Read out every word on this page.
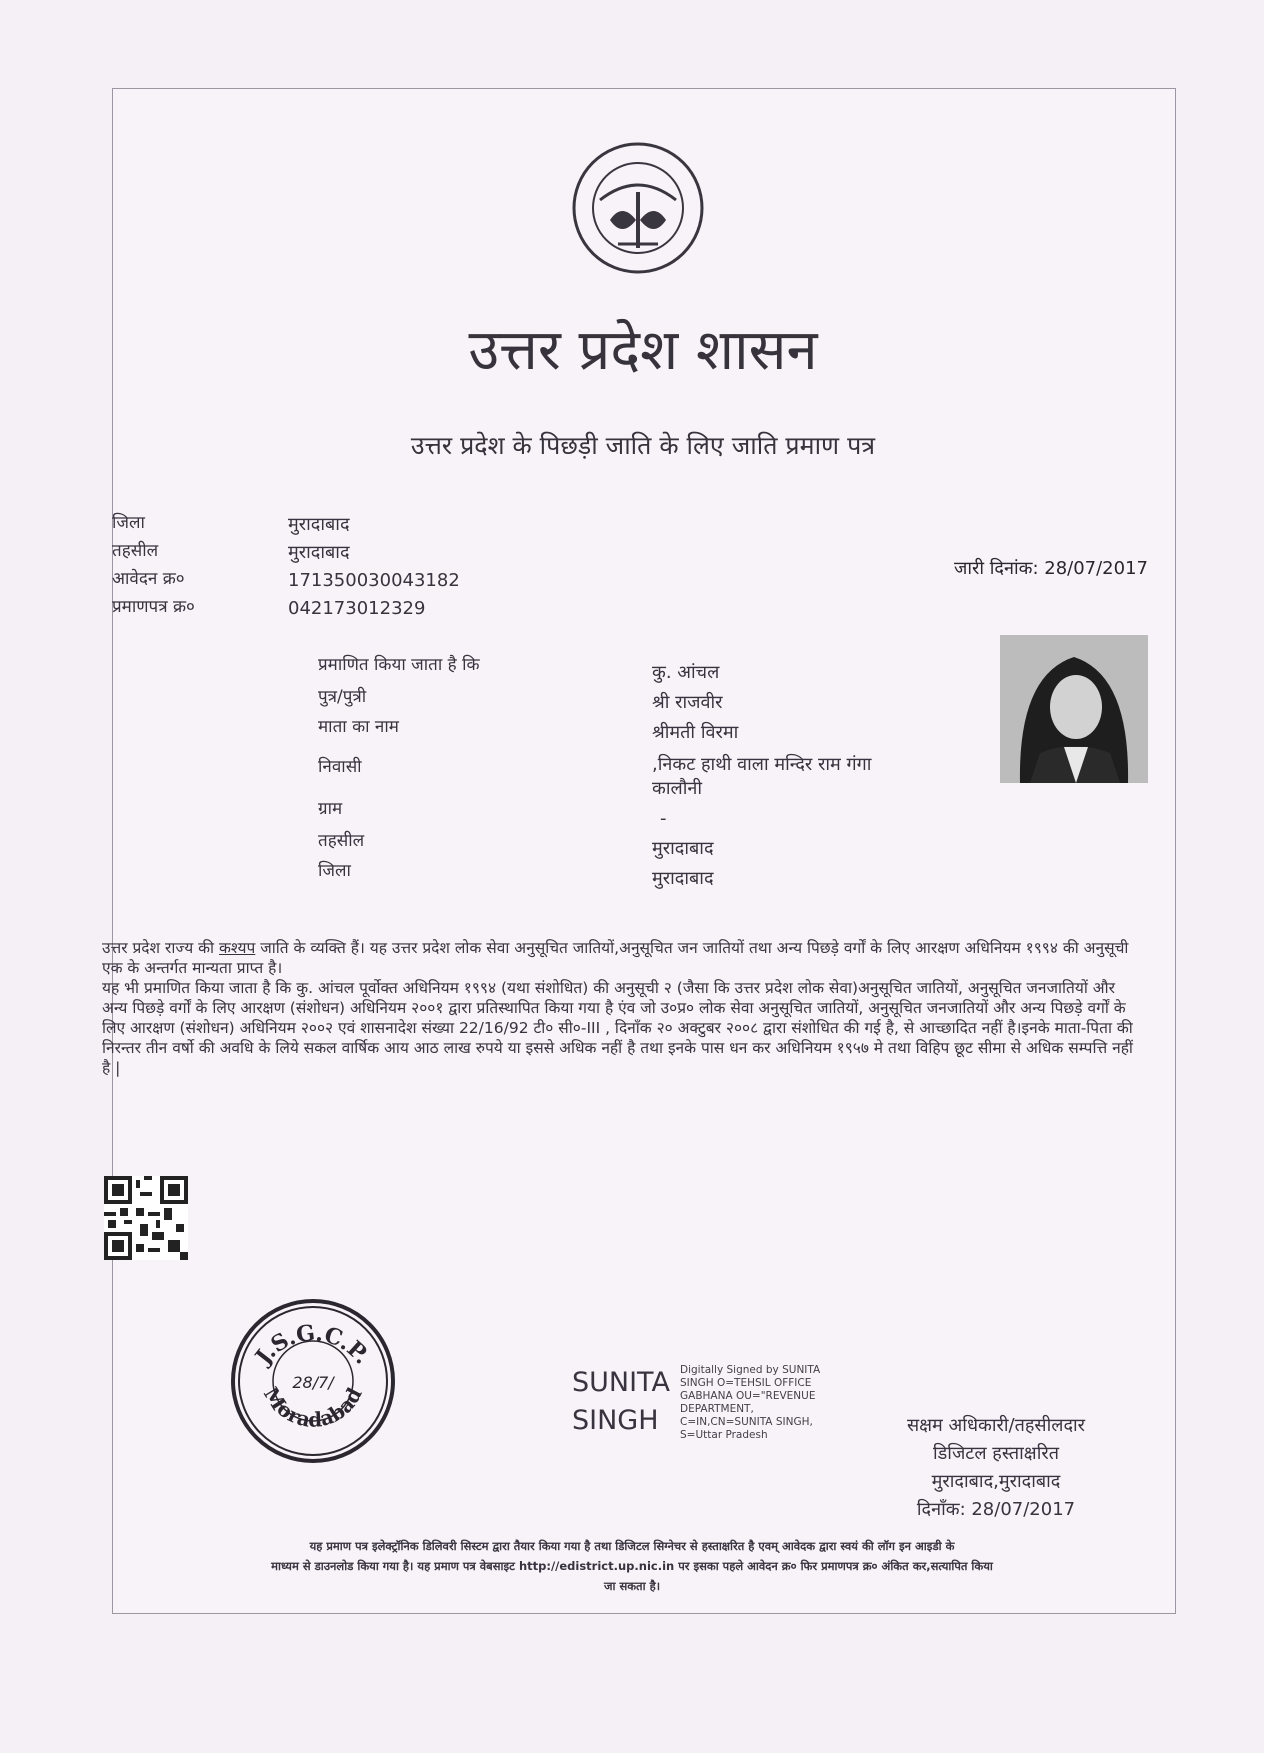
उत्तर प्रदेश शासन
उत्तर प्रदेश के पिछड़ी जाति के लिए जाति प्रमाण पत्र
जिला	मुरादाबाद
तहसील	मुरादाबाद
आवेदन क्र०	171350030043182
प्रमाणपत्र क्र०	042173012329
जारी दिनांक: 28/07/2017
प्रमाणित किया जाता है कि	कु. आंचल
पुत्र/पुत्री	श्री राजवीर
माता का नाम	श्रीमती विरमा
निवासी	,निकट हाथी वाला मन्दिर राम गंगा
कालौनी
ग्राम	-
तहसील	मुरादाबाद
जिला	मुरादाबाद
उत्तर प्रदेश राज्य की कश्यप जाति के व्यक्ति हैं। यह उत्तर प्रदेश लोक सेवा अनुसूचित जातियों,अनुसूचित जन जातियों तथा अन्य पिछड़े वर्गों के लिए आरक्षण अधिनियम १९९४ की अनुसूची एक के अन्तर्गत मान्यता प्राप्त है।
यह भी प्रमाणित किया जाता है कि कु. आंचल पूर्वोक्त अधिनियम १९९४ (यथा संशोधित) की अनुसूची २ (जैसा कि उत्तर प्रदेश लोक सेवा)अनुसूचित जातियों, अनुसूचित जनजातियों और अन्य पिछड़े वर्गों के लिए आरक्षण (संशोधन) अधिनियम २००१ द्वारा प्रतिस्थापित किया गया है एंव जो उ०प्र० लोक सेवा अनुसूचित जातियों, अनुसूचित जनजातियों और अन्य पिछड़े वर्गों के लिए आरक्षण (संशोधन) अधिनियम २००२ एवं शासनादेश संख्या 22/16/92 टी० सी०-III , दिनाँक २० अक्टुबर २००८ द्वारा संशोधित की गई है, से आच्छादित नहीं है।इनके माता-पिता की निरन्तर तीन वर्षो की अवधि के लिये सकल वार्षिक आय आठ लाख रुपये या इससे अधिक नहीं है तथा इनके पास धन कर अधिनियम १९५७ मे तथा विहिप छूट सीमा से अधिक सम्पत्ति नहीं है |
J.S.G.C.P.
Moradabad
28/7/	SUNITA
SINGH
Digitally Signed by SUNITA
SINGH O=TEHSIL OFFICE
GABHANA OU="REVENUE
DEPARTMENT,
C=IN,CN=SUNITA SINGH,
S=Uttar Pradesh	सक्षम अधिकारी/तहसीलदार
डिजिटल हस्ताक्षरित
मुरादाबाद,मुरादाबाद
दिनाँक: 28/07/2017
यह प्रमाण पत्र इलेक्ट्रॉनिक डिलिवरी सिस्टम द्वारा तैयार किया गया है तथा डिजिटल सिग्नेचर से हस्ताक्षरित है एवम् आवेदक द्वारा स्वयं की लॉग इन आइडी के
माध्यम से डाउनलोड किया गया है। यह प्रमाण पत्र वेबसाइट http://edistrict.up.nic.in पर इसका पहले आवेदन क्र० फिर प्रमाणपत्र क्र० अंकित कर,सत्यापित किया
जा सकता है।
